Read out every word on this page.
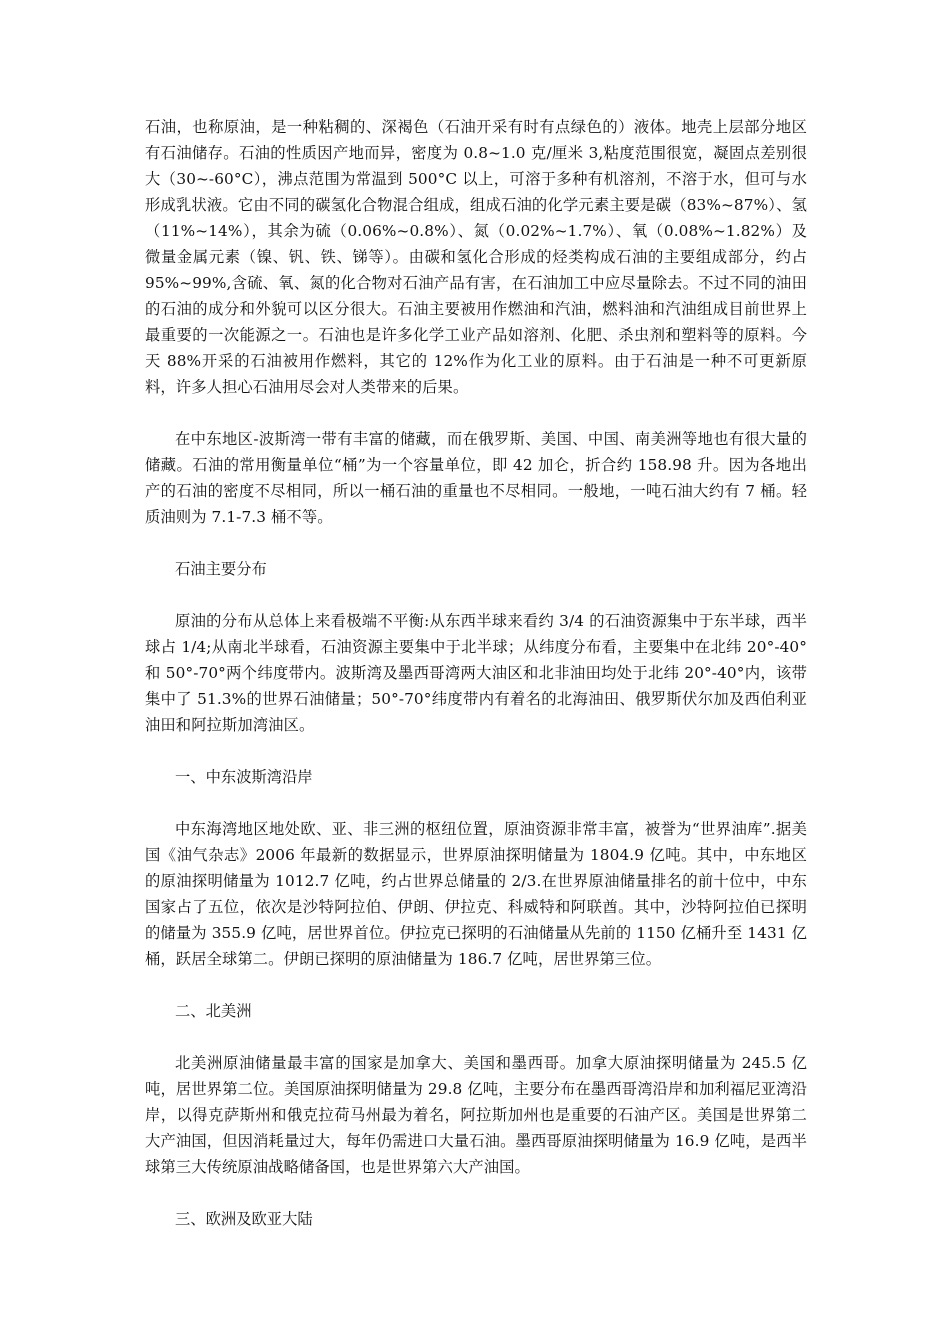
石油，也称原油，是一种粘稠的、深褐色（石油开采有时有点绿色的）液体。地壳上层部分地区有石油储存。石油的性质因产地而异，密度为 0.8~1.0 克/厘米 3,粘度范围很宽，凝固点差别很大（30~-60°C），沸点范围为常温到 500°C 以上，可溶于多种有机溶剂，不溶于水，但可与水形成乳状液。它由不同的碳氢化合物混合组成，组成石油的化学元素主要是碳（83%~87%）、氢（11%~14%），其余为硫（0.06%~0.8%）、氮（0.02%~1.7%）、氧（0.08%~1.82%）及微量金属元素（镍、钒、铁、锑等）。由碳和氢化合形成的烃类构成石油的主要组成部分，约占 95%~99%,含硫、氧、氮的化合物对石油产品有害，在石油加工中应尽量除去。不过不同的油田的石油的成分和外貌可以区分很大。石油主要被用作燃油和汽油，燃料油和汽油组成目前世界上最重要的一次能源之一。石油也是许多化学工业产品如溶剂、化肥、杀虫剂和塑料等的原料。今天 88%开采的石油被用作燃料，其它的 12%作为化工业的原料。由于石油是一种不可更新原料，许多人担心石油用尽会对人类带来的后果。

在中东地区-波斯湾一带有丰富的储藏，而在俄罗斯、美国、中国、南美洲等地也有很大量的储藏。石油的常用衡量单位“桶”为一个容量单位，即 42 加仑，折合约 158.98 升。因为各地出产的石油的密度不尽相同，所以一桶石油的重量也不尽相同。一般地，一吨石油大约有 7 桶。轻质油则为 7.1-7.3 桶不等。

石油主要分布

原油的分布从总体上来看极端不平衡:从东西半球来看约 3/4 的石油资源集中于东半球，西半球占 1/4;从南北半球看，石油资源主要集中于北半球；从纬度分布看，主要集中在北纬 20°-40°和 50°-70°两个纬度带内。波斯湾及墨西哥湾两大油区和北非油田均处于北纬 20°-40°内，该带集中了 51.3%的世界石油储量；50°-70°纬度带内有着名的北海油田、俄罗斯伏尔加及西伯利亚油田和阿拉斯加湾油区。

一、中东波斯湾沿岸

中东海湾地区地处欧、亚、非三洲的枢纽位置，原油资源非常丰富，被誉为“世界油库”.据美国《油气杂志》2006 年最新的数据显示，世界原油探明储量为 1804.9 亿吨。其中，中东地区的原油探明储量为 1012.7 亿吨，约占世界总储量的 2/3.在世界原油储量排名的前十位中，中东国家占了五位，依次是沙特阿拉伯、伊朗、伊拉克、科威特和阿联酋。其中，沙特阿拉伯已探明的储量为 355.9 亿吨，居世界首位。伊拉克已探明的石油储量从先前的 1150 亿桶升至 1431 亿桶，跃居全球第二。伊朗已探明的原油储量为 186.7 亿吨，居世界第三位。

二、北美洲

北美洲原油储量最丰富的国家是加拿大、美国和墨西哥。加拿大原油探明储量为 245.5 亿吨，居世界第二位。美国原油探明储量为 29.8 亿吨，主要分布在墨西哥湾沿岸和加利福尼亚湾沿岸，以得克萨斯州和俄克拉荷马州最为着名，阿拉斯加州也是重要的石油产区。美国是世界第二大产油国，但因消耗量过大，每年仍需进口大量石油。墨西哥原油探明储量为 16.9 亿吨，是西半球第三大传统原油战略储备国，也是世界第六大产油国。

三、欧洲及欧亚大陆
